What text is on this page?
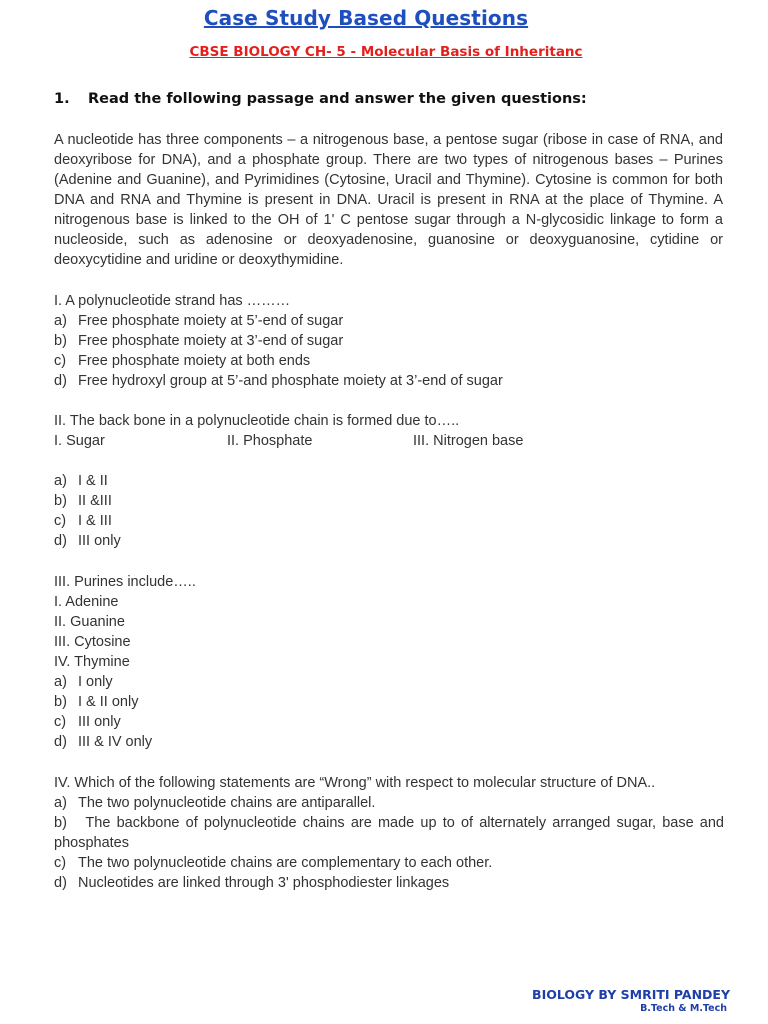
Case Study Based Questions
CBSE BIOLOGY CH- 5 - Molecular Basis of Inheritanc
1. Read the following passage and answer the given questions:
A nucleotide has three components – a nitrogenous base, a pentose sugar (ribose in case of RNA, and deoxyribose for DNA), and a phosphate group. There are two types of nitrogenous bases – Purines (Adenine and Guanine), and Pyrimidines (Cytosine, Uracil and Thymine). Cytosine is common for both DNA and RNA and Thymine is present in DNA. Uracil is present in RNA at the place of Thymine. A nitrogenous base is linked to the OH of 1' C pentose sugar through a N-glycosidic linkage to form a nucleoside, such as adenosine or deoxyadenosine, guanosine or deoxyguanosine, cytidine or deoxycytidine and uridine or deoxythymidine.
I. A polynucleotide strand has ………
a) Free phosphate moiety at 5’-end of sugar
b) Free phosphate moiety at 3’-end of sugar
c) Free phosphate moiety at both ends
d) Free hydroxyl group at 5’-and phosphate moiety at 3’-end of sugar
II. The back bone in a polynucleotide chain is formed due to…..
I. Sugar	II. Phosphate	III. Nitrogen base
a) I & II
b) II &III
c) I & III
d) III only
III. Purines include…..
I. Adenine
II. Guanine
III. Cytosine
IV. Thymine
a) I only
b) I & II only
c) III only
d) III & IV only
IV. Which of the following statements are “Wrong” with respect to molecular structure of DNA..
a) The two polynucleotide chains are antiparallel.
b) The backbone of polynucleotide chains are made up to of alternately arranged sugar, base and phosphates
c) The two polynucleotide chains are complementary to each other.
d) Nucleotides are linked through 3' phosphodiester linkages
BIOLOGY BY SMRITI PANDEY
B.Tech & M.Tech
